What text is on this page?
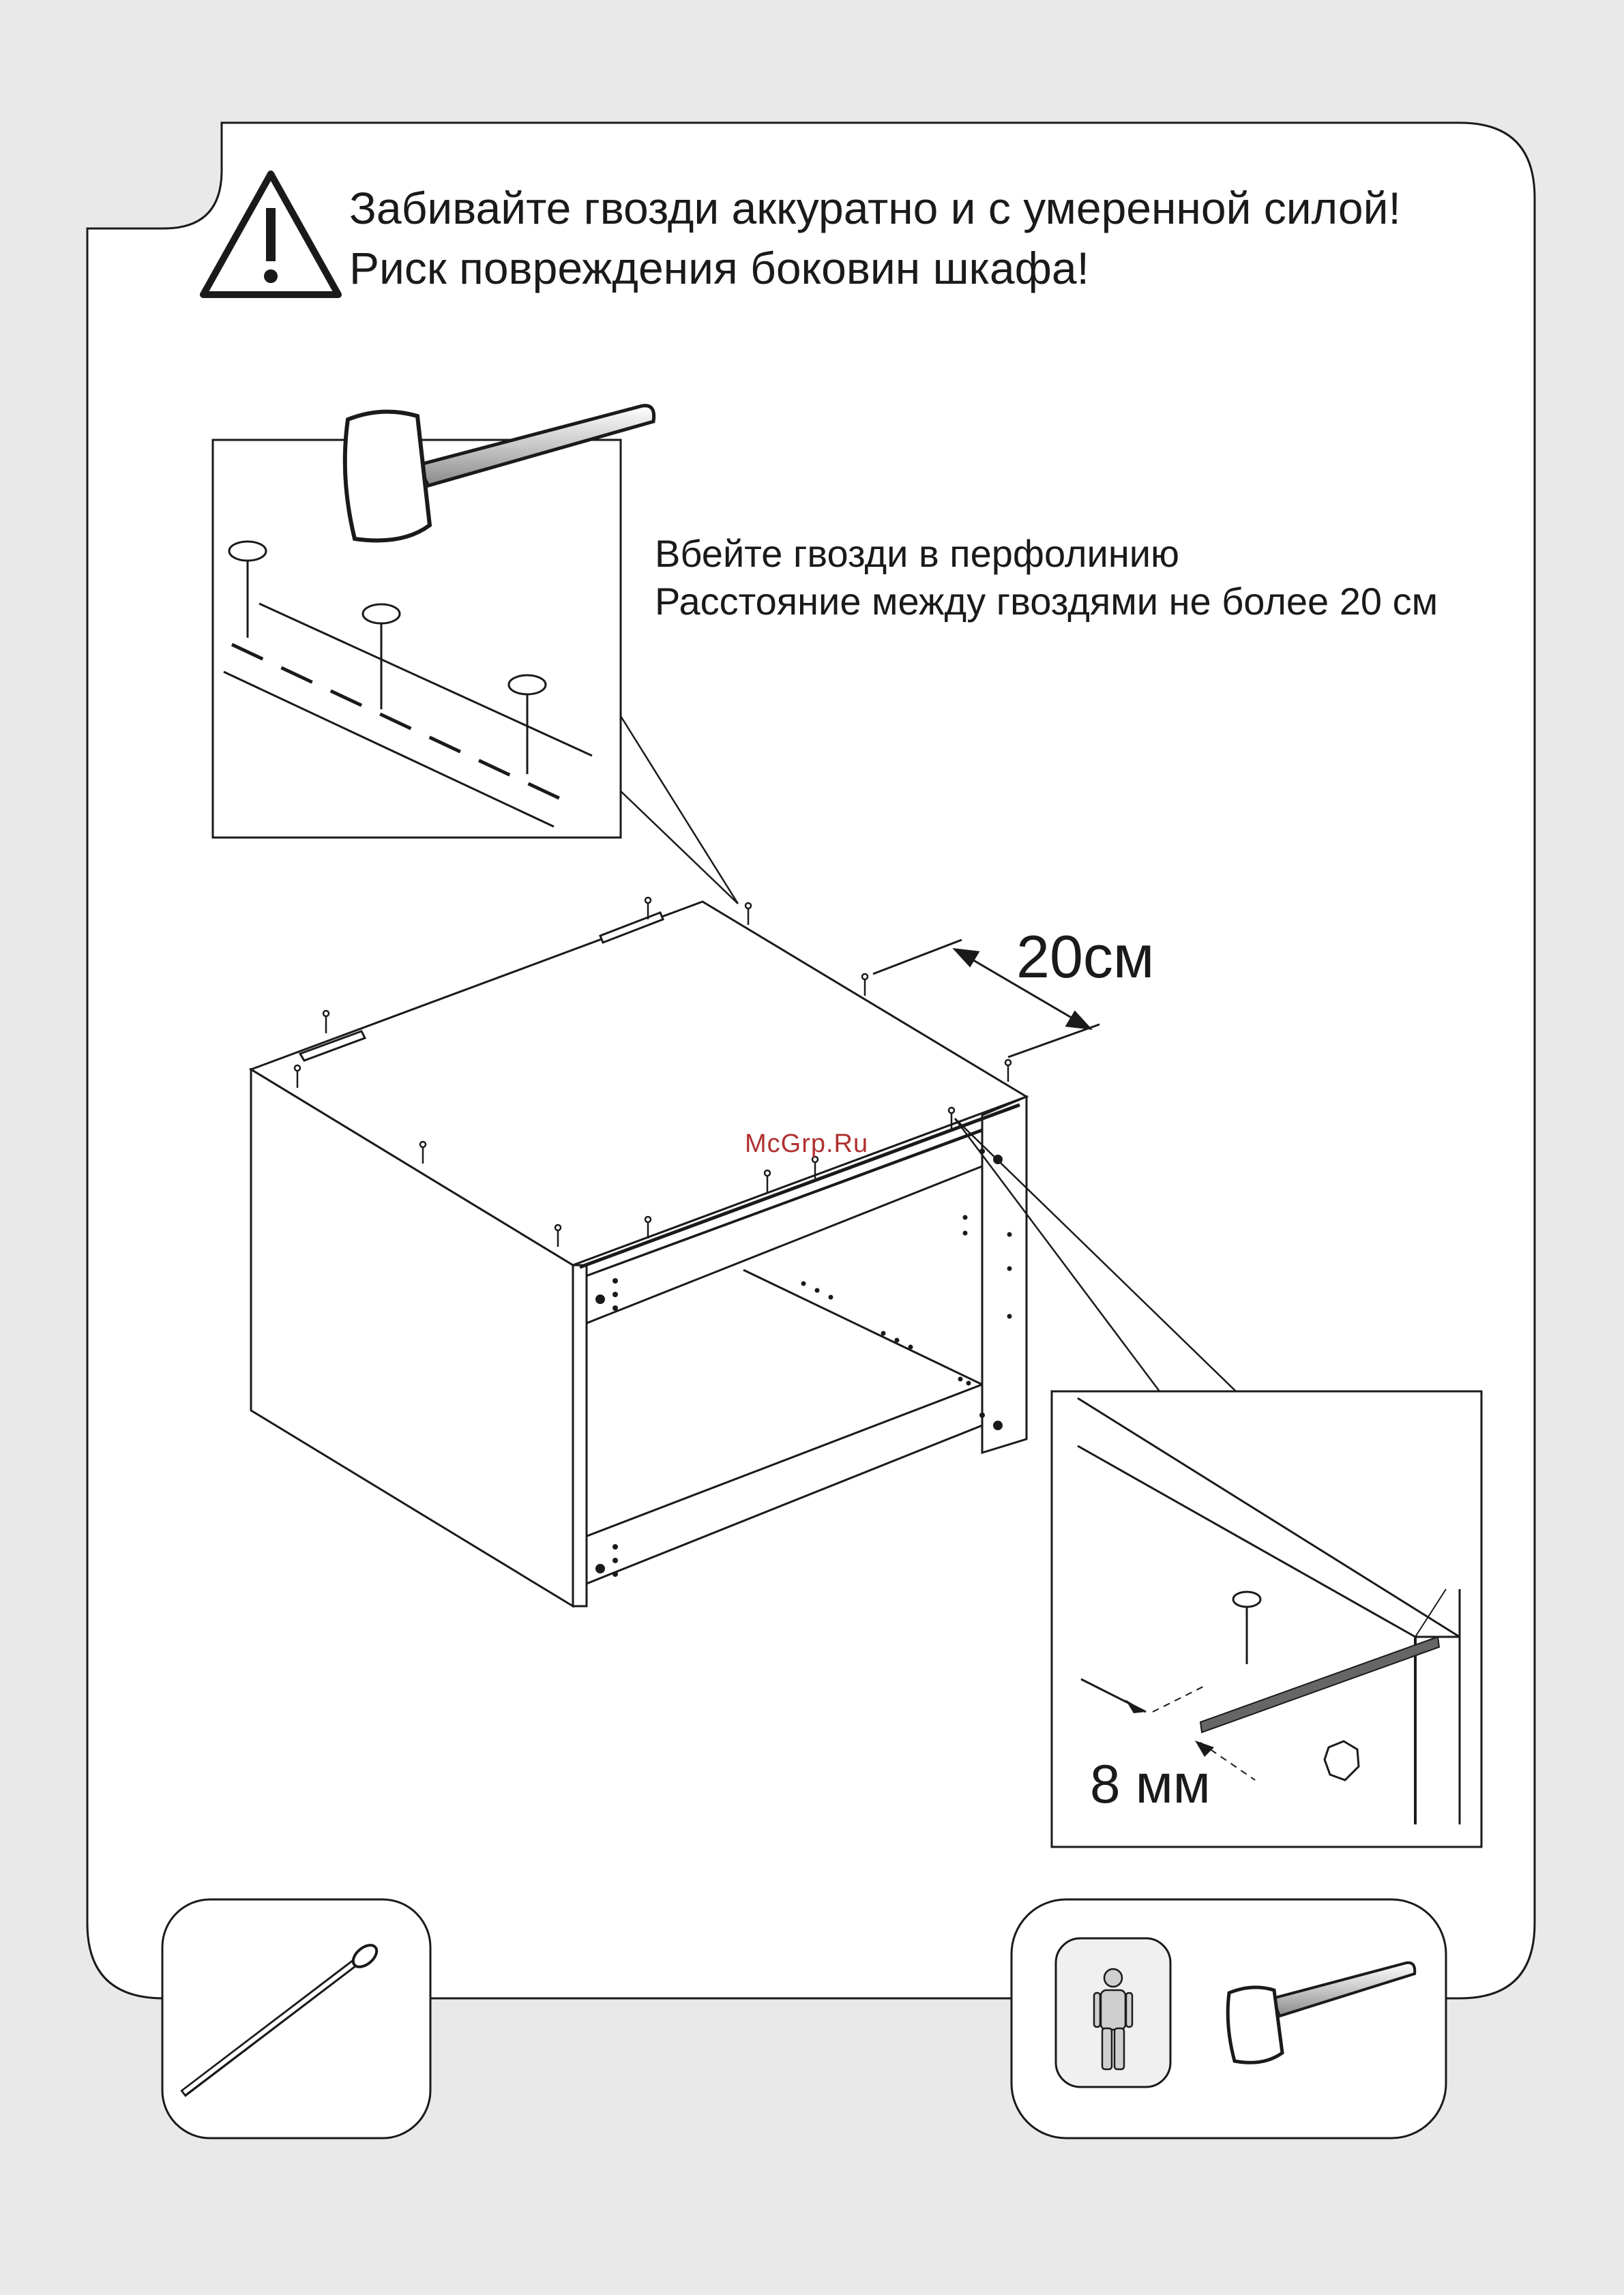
Забивайте гвозди аккуратно и с умеренной силой!
Риск повреждения боковин шкафа!
Вбейте гвозди в перфолинию
Расстояние между гвоздями не более 20 см
20см
8 мм
McGrp.Ru
